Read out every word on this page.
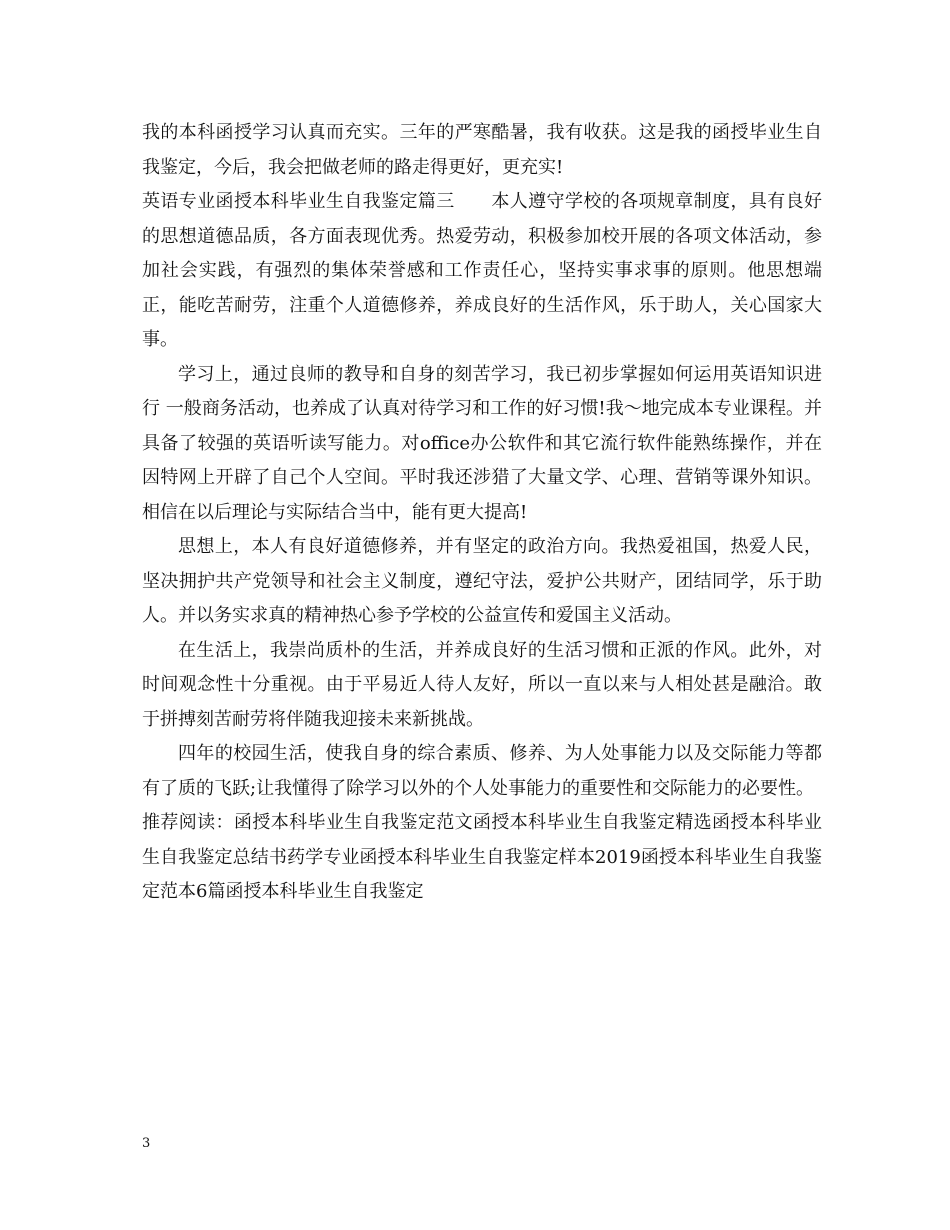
我的本科函授学习认真而充实。三年的严寒酷暑，我有收获。这是我的函授毕业生自我鉴定，今后，我会把做老师的路走得更好，更充实!

英语专业函授本科毕业生自我鉴定篇三　　本人遵守学校的各项规章制度，具有良好的思想道德品质，各方面表现优秀。热爱劳动，积极参加校开展的各项文体活动，参加社会实践，有强烈的集体荣誉感和工作责任心，坚持实事求事的原则。他思想端正，能吃苦耐劳，注重个人道德修养，养成良好的生活作风，乐于助人，关心国家大事。

学习上，通过良师的教导和自身的刻苦学习，我已初步掌握如何运用英语知识进行 一般商务活动，也养成了认真对待学习和工作的好习惯!我～地完成本专业课程。并具备了较强的英语听读写能力。对office办公软件和其它流行软件能熟练操作，并在因特网上开辟了自己个人空间。平时我还涉猎了大量文学、心理、营销等课外知识。相信在以后理论与实际结合当中，能有更大提高!

思想上，本人有良好道德修养，并有坚定的政治方向。我热爱祖国，热爱人民，坚决拥护共产党领导和社会主义制度，遵纪守法，爱护公共财产，团结同学，乐于助人。并以务实求真的精神热心参予学校的公益宣传和爱国主义活动。

在生活上，我崇尚质朴的生活，并养成良好的生活习惯和正派的作风。此外，对时间观念性十分重视。由于平易近人待人友好，所以一直以来与人相处甚是融洽。敢于拼搏刻苦耐劳将伴随我迎接未来新挑战。

四年的校园生活，使我自身的综合素质、修养、为人处事能力以及交际能力等都有了质的飞跃;让我懂得了除学习以外的个人处事能力的重要性和交际能力的必要性。

推荐阅读：函授本科毕业生自我鉴定范文函授本科毕业生自我鉴定精选函授本科毕业生自我鉴定总结书药学专业函授本科毕业生自我鉴定样本2019函授本科毕业生自我鉴定范本6篇函授本科毕业生自我鉴定

3
